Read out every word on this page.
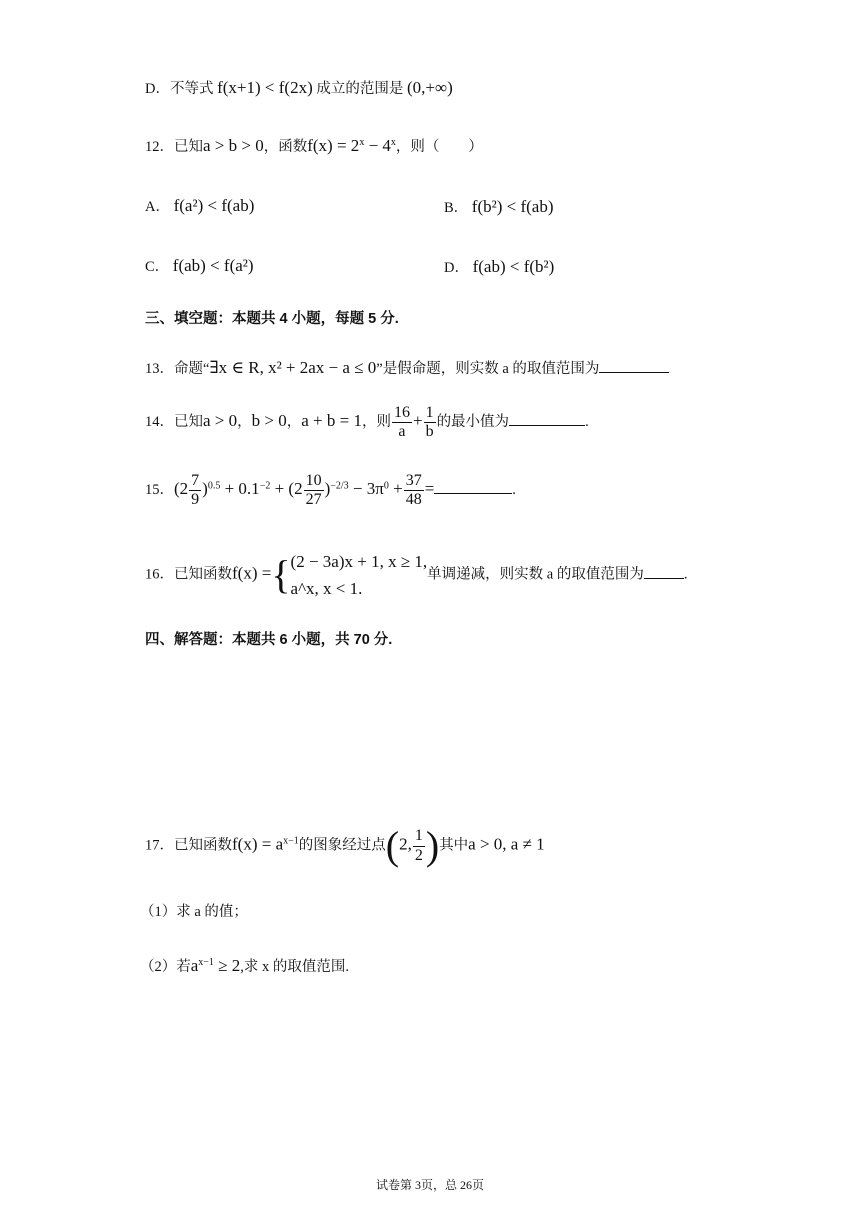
D．不等式 f(x+1) < f(2x) 成立的范围是 (0,+∞)
12．已知a > b > 0，函数$f(x) = 2^x - 4^x$，则（　　）
A． f(a²) < f(ab)	B． f(b²) < f(ab)
C． f(ab) < f(a²)	D． f(ab) < f(b²)
三、填空题：本题共 4 小题，每题 5 分.
13．命题“∃x ∈ R, x² + 2ax − a ≤ 0”是假命题，则实数 a 的取值范围为
14．已知a > 0，b > 0，a + b = 1，则 $\frac{16}{a} + \frac{1}{b}$ 的最小值为	.
15．$(2 \frac{7}{9} )^{0.5} + 0.1^{-2} + (2 \frac{10}{27} )^{-2/3} - 3\pi^0 + \frac{37}{48}$ =	.
16．已知函数f(x) ={ (2 − 3a)x + 1, x ≥ 1,
a^x, x < 1.
单调递减，则实数 a 的取值范围为	.
四、解答题：本题共 6 小题，共 70 分.
17．已知函数$f(x) = a^{x-1}$的图象经过点(2, $\frac{1}{2}$ )其中a > 0, a ≠ 1
（1）求 a 的值；
（2）若$a^{x-1} \ge 2$,求 x 的取值范围.
试卷第 3页，总 26页
